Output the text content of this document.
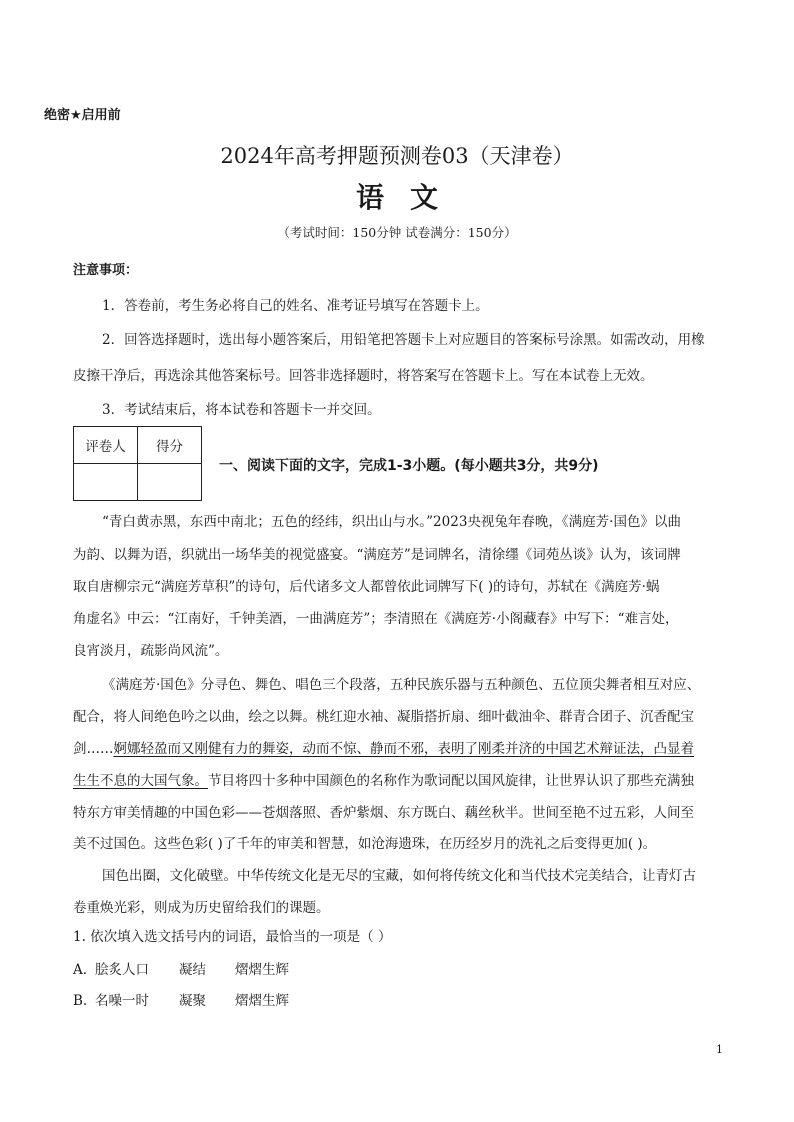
绝密★启用前
2024年高考押题预测卷03（天津卷）
语文
（考试时间：150分钟 试卷满分：150分）
注意事项：
1．答卷前，考生务必将自己的姓名、准考证号填写在答题卡上。
2．回答选择题时，选出每小题答案后，用铅笔把答题卡上对应题目的答案标号涂黑。如需改动，用橡
皮擦干净后，再选涂其他答案标号。回答非选择题时，将答案写在答题卡上。写在本试卷上无效。
3．考试结束后，将本试卷和答题卡一并交回。
评卷人	得分

一、阅读下面的文字，完成1-3小题。(每小题共3分，共9分)
“青白黄赤黑，东西中南北；五色的经纬，织出山与水。”2023央视兔年春晚，《满庭芳·国色》以曲
为韵、以舞为语，织就出一场华美的视觉盛宴。“满庭芳”是词牌名，清徐𬙊《词苑丛谈》认为，该词牌
取自唐柳宗元“满庭芳草积”的诗句，后代诸多文人都曾依此词牌写下( )的诗句，苏轼在《满庭芳·蜗
角虚名》中云：“江南好，千钟美酒，一曲满庭芳”；李清照在《满庭芳·小阁藏春》中写下：“难言处，
良宵淡月，疏影尚风流”。
《满庭芳·国色》分寻色、舞色、唱色三个段落，五种民族乐器与五种颜色、五位顶尖舞者相互对应、
配合，将人间绝色吟之以曲，绘之以舞。桃红迎水袖、凝脂搭折扇、细叶截油伞、群青合团子、沉香配宝
剑……婀娜轻盈而又刚健有力的舞姿，动而不惊、静而不邪，表明了刚柔并济的中国艺术辩证法，凸显着
生生不息的大国气象。节目将四十多种中国颜色的名称作为歌词配以国风旋律，让世界认识了那些充满独
特东方审美情趣的中国色彩——苍烟落照、香炉紫烟、东方既白、藕丝秋半。世间至艳不过五彩，人间至
美不过国色。这些色彩( )了千年的审美和智慧，如沧海遗珠，在历经岁月的洗礼之后变得更加( )。
国色出圈，文化破壁。中华传统文化是无尽的宝藏，如何将传统文化和当代技术完美结合，让青灯古
卷重焕光彩，则成为历史留给我们的课题。
1. 依次填入选文括号内的词语，最恰当的一项是（ ）
A. 脍炙人口 凝结 熠熠生辉
B. 名噪一时 凝聚 熠熠生辉
1
